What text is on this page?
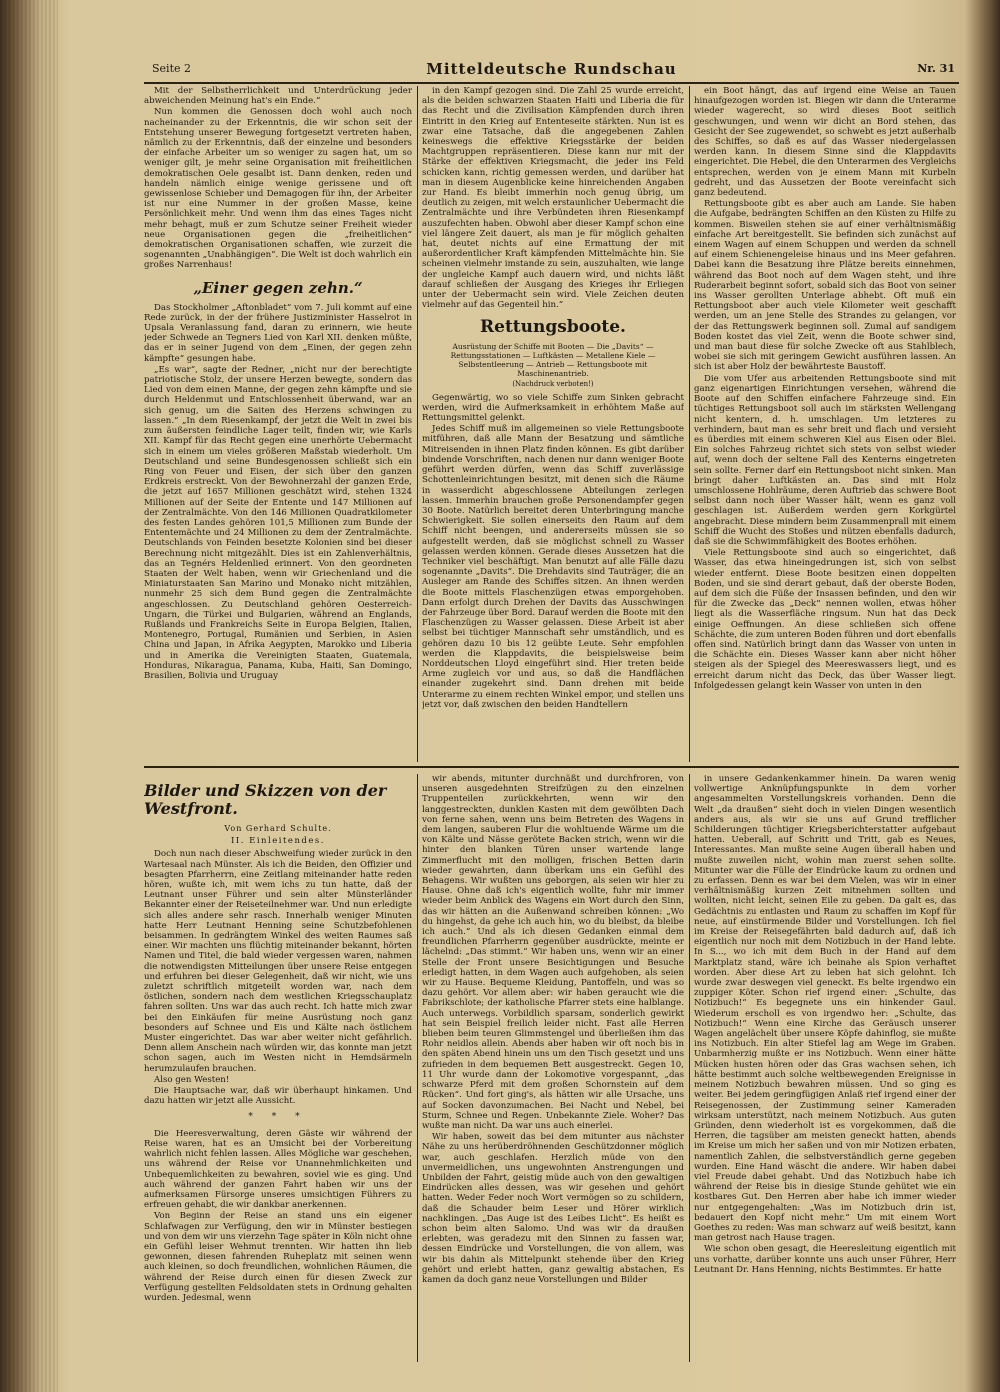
Seite 2	Mitteldeutsche Rundschau	Nr. 31

Mit der Selbstherrlichkeit und Unterdrückung jeder abweichenden Meinung hat's ein Ende.“

Nun kommen die Genossen doch wohl auch noch nacheinander zu der Erkenntnis, die wir schon seit der Entstehung unserer Bewegung fortgesetzt vertreten haben, nämlich zu der Erkenntnis, daß der einzelne und besonders der einfache Arbeiter um so weniger zu sagen hat, um so weniger gilt, je mehr seine Organisation mit freiheitlichen demokratischen Oele gesalbt ist. Dann denken, reden und handeln nämlich einige wenige gerissene und oft gewissenlose Schieber und Demagogen für ihn, der Arbeiter ist nur eine Nummer in der großen Masse, keine Persönlichkeit mehr. Und wenn ihm das eines Tages nicht mehr behagt, muß er zum Schutze seiner Freiheit wieder neue Organisationen gegen die „freiheitlichen“ demokratischen Organisationen schaffen, wie zurzeit die sogenannten „Unabhängigen“. Die Welt ist doch wahrlich ein großes Narrenhaus!

„Einer gegen zehn.“

Das Stockholmer „Aftonbladet“ vom 7. Juli kommt auf eine Rede zurück, in der der frühere Justizminister Hasselrot in Upsala Veranlassung fand, daran zu erinnern, wie heute jeder Schwede an Tegners Lied von Karl XII. denken müßte, das er in seiner Jugend von dem „Einen, der gegen zehn kämpfte“ gesungen habe.

„Es war“, sagte der Redner, „nicht nur der berechtigte patriotische Stolz, der unsere Herzen bewegte, sondern das Lied von dem einen Manne, der gegen zehn kämpfte und sie durch Heldenmut und Entschlossenheit überwand, war an sich genug, um die Saiten des Herzens schwingen zu lassen.“ „In dem Riesenkampf, der jetzt die Welt in zwei bis zum äußersten feindliche Lager teilt, finden wir, wie Karls XII. Kampf für das Recht gegen eine unerhörte Uebermacht sich in einem um vieles größeren Maßstab wiederholt. Um Deutschland und seine Bundesgenossen schließt sich ein Ring von Feuer und Eisen, der sich über den ganzen Erdkreis erstreckt. Von der Bewohnerzahl der ganzen Erde, die jetzt auf 1657 Millionen geschätzt wird, stehen 1324 Millionen auf der Seite der Entente und 147 Millionen auf der Zentralmächte. Von den 146 Millionen Quadratkilometer des festen Landes gehören 101,5 Millionen zum Bunde der Ententemächte und 24 Millionen zu dem der Zentralmächte. Deutschlands von Feinden besetzte Kolonien sind bei dieser Berechnung nicht mitgezählt. Dies ist ein Zahlenverhältnis, das an Tegnérs Heldenlied erinnert. Von den geordneten Staaten der Welt haben, wenn wir Griechenland und die Miniaturstaaten San Marino und Monako nicht mitzählen, nunmehr 25 sich dem Bund gegen die Zentralmächte angeschlossen. Zu Deutschland gehören Oesterreich-Ungarn, die Türkei und Bulgarien, während an Englands, Rußlands und Frankreichs Seite in Europa Belgien, Italien, Montenegro, Portugal, Rumänien und Serbien, in Asien China und Japan, in Afrika Aegypten, Marokko und Liberia und in Amerika die Vereinigten Staaten, Guatemala, Honduras, Nikaragua, Panama, Kuba, Haiti, San Domingo, Brasilien, Bolivia und Uruguay

in den Kampf gezogen sind. Die Zahl 25 wurde erreicht, als die beiden schwarzen Staaten Haiti und Liberia die für das Recht und die Zivilisation Kämpfenden durch ihren Eintritt in den Krieg auf Ententeseite stärkten. Nun ist es zwar eine Tatsache, daß die angegebenen Zahlen keineswegs die effektive Kriegsstärke der beiden Machtgruppen repräsentieren. Diese kann nur mit der Stärke der effektiven Kriegsmacht, die jeder ins Feld schicken kann, richtig gemessen werden, und darüber hat man in diesem Augenblicke keine hinreichenden Angaben zur Hand. Es bleibt immerhin noch genug übrig, um deutlich zu zeigen, mit welch erstaunlicher Uebermacht die Zentralmächte und ihre Verbündeten ihren Riesenkampf auszufechten haben. Obwohl aber dieser Kampf schon eine viel längere Zeit dauert, als man je für möglich gehalten hat, deutet nichts auf eine Ermattung der mit außerordentlicher Kraft kämpfenden Mittelmächte hin. Sie scheinen vielmehr imstande zu sein, auszuhalten, wie lange der ungleiche Kampf auch dauern wird, und nichts läßt darauf schließen der Ausgang des Krieges ihr Erliegen unter der Uebermacht sein wird. Viele Zeichen deuten vielmehr auf das Gegenteil hin.“

Rettungsboote.

Ausrüstung der Schiffe mit Booten — Die „Davits“ — Rettungsstationen — Luftkästen — Metallene Kiele — Selbstentleerung — Antrieb — Rettungsboote mit Maschinenantrieb.

(Nachdruck verboten!)

Gegenwärtig, wo so viele Schiffe zum Sinken gebracht werden, wird die Aufmerksamkeit in erhöhtem Maße auf Rettungsmittel gelenkt.

Jedes Schiff muß im allgemeinen so viele Rettungsboote mitführen, daß alle Mann der Besatzung und sämtliche Mitreisenden in ihnen Platz finden können. Es gibt darüber bindende Vorschriften, nach denen nur dann weniger Boote geführt werden dürfen, wenn das Schiff zuverlässige Schottenleinrichtungen besitzt, mit denen sich die Räume in wasserdicht abgeschlossene Abteilungen zerlegen lassen. Immerhin brauchen große Personendampfer gegen 30 Boote. Natürlich bereitet deren Unterbringung manche Schwierigkeit. Sie sollen einerseits den Raum auf dem Schiff nicht beengen, und andererseits müssen sie so aufgestellt werden, daß sie möglichst schnell zu Wasser gelassen werden können. Gerade dieses Aussetzen hat die Techniker viel beschäftigt. Man benutzt auf alle Fälle dazu sogenannte „Davits“. Die Drehdavits sind Tauträger, die an Ausleger am Rande des Schiffes sitzen. An ihnen werden die Boote mittels Flaschenzügen etwas emporgehoben. Dann erfolgt durch Drehen der Davits das Ausschwingen der Fahrzeuge über Bord. Darauf werden die Boote mit den Flaschenzügen zu Wasser gelassen. Diese Arbeit ist aber selbst bei tüchtiger Mannschaft sehr umständlich, und es gehören dazu 10 bis 12 geübte Leute. Sehr empfohlen werden die Klappdavits, die beispielsweise beim Norddeutschen Lloyd eingeführt sind. Hier treten beide Arme zugleich vor und aus, so daß die Handflächen einander zugekehrt sind. Dann drehen mit beide Unterarme zu einem rechten Winkel empor, und stellen uns jetzt vor, daß zwischen den beiden Handtellern

ein Boot hängt, das auf irgend eine Weise an Tauen hinaufgezogen worden ist. Biegen wir dann die Unterarme wieder wagerecht, so wird dieses Boot seitlich geschwungen, und wenn wir dicht an Bord stehen, das Gesicht der See zugewendet, so schwebt es jetzt außerhalb des Schiffes, so daß es auf das Wasser niedergelassen werden kann. In diesem Sinne sind die Klappdavits eingerichtet. Die Hebel, die den Unterarmen des Vergleichs entsprechen, werden von je einem Mann mit Kurbeln gedreht, und das Aussetzen der Boote vereinfacht sich ganz bedeutend.

Rettungsboote gibt es aber auch am Lande. Sie haben die Aufgabe, bedrängten Schiffen an den Küsten zu Hilfe zu kommen. Bisweilen stehen sie auf einer verhältnismäßig einfache Art bereitgestellt. Sie befinden sich zunächst auf einem Wagen auf einem Schuppen und werden da schnell auf einem Schienengeleise hinaus und ins Meer gefahren. Dabei kann die Besatzung ihre Plätze bereits einnehmen, während das Boot noch auf dem Wagen steht, und ihre Ruderarbeit beginnt sofort, sobald sich das Boot von seiner ins Wasser gerollten Unterlage abhebt. Oft muß ein Rettungsboot aber auch viele Kilometer weit geschafft werden, um an jene Stelle des Strandes zu gelangen, vor der das Rettungswerk beginnen soll. Zumal auf sandigem Boden kostet das viel Zeit, wenn die Boote schwer sind, und man baut diese für solche Zwecke oft aus Stahlblech, wobei sie sich mit geringem Gewicht ausführen lassen. An sich ist aber Holz der bewährteste Baustoff.

Die vom Ufer aus arbeitenden Rettungsboote sind mit ganz eigenartigen Einrichtungen versehen, während die Boote auf den Schiffen einfachere Fahrzeuge sind. Ein tüchtiges Rettungsboot soll auch im stärksten Wellengang nicht kentern, d. h. umschlagen. Um letzteres zu verhindern, baut man es sehr breit und flach und versieht es überdies mit einem schweren Kiel aus Eisen oder Blei. Ein solches Fahrzeug richtet sich stets von selbst wieder auf, wenn doch der seltene Fall des Kenterns eingetreten sein sollte. Ferner darf ein Rettungsboot nicht sinken. Man bringt daher Luftkästen an. Das sind mit Holz umschlossene Hohlräume, deren Auftrieb das schwere Boot selbst dann noch über Wasser hält, wenn es ganz voll geschlagen ist. Außerdem werden gern Korkgürtel angebracht. Diese mindern beim Zusammenprall mit einem Schiff die Wucht des Stoßes und nützen ebenfalls dadurch, daß sie die Schwimmfähigkeit des Bootes erhöhen.

Viele Rettungsboote sind auch so eingerichtet, daß Wasser, das etwa hineingedrungen ist, sich von selbst wieder entfernt. Diese Boote besitzen einen doppelten Boden, und sie sind derart gebaut, daß der oberste Boden, auf dem sich die Füße der Insassen befinden, und den wir für die Zwecke das „Deck“ nennen wollen, etwas höher liegt als die Wasserfläche ringsum. Nun hat das Deck einige Oeffnungen. An diese schließen sich offene Schächte, die zum unteren Boden führen und dort ebenfalls offen sind. Natürlich bringt dann das Wasser von unten in die Schächte ein. Dieses Wasser kann aber nicht höher steigen als der Spiegel des Meereswassers liegt, und es erreicht darum nicht das Deck, das über Wasser liegt. Infolgedessen gelangt kein Wasser von unten in den

Bilder und Skizzen von der Westfront.
Von Gerhard Schulte.
II. Einleitendes.

Doch nun nach dieser Abschweifung wieder zurück in den Wartesaal nach Münster. Als ich die Beiden, den Offizier und besagten Pfarrherrn, eine Zeitlang miteinander hatte reden hören, wußte ich, mit wem ichs zu tun hatte, daß der Leutnant unser Führer und sein alter Münsterländer Bekannter einer der Reiseteilnehmer war. Und nun erledigte sich alles andere sehr rasch. Innerhalb weniger Minuten hatte Herr Leutnant Henning seine Schutzbefohlenen beisammen. In gedrängtem Winkel des weiten Raumes saß einer. Wir machten uns flüchtig miteinander bekannt, hörten Namen und Titel, die bald wieder vergessen waren, nahmen die notwendigsten Mitteilungen über unsere Reise entgegen und erfuhren bei dieser Gelegenheit, daß wir nicht, wie uns zuletzt schriftlich mitgeteilt worden war, nach dem östlichen, sondern nach dem westlichen Kriegsschauplatz fahren sollten. Uns war das auch recht. Ich hatte mich zwar bei den Einkäufen für meine Ausrüstung noch ganz besonders auf Schnee und Eis und Kälte nach östlichem Muster eingerichtet. Das war aber weiter nicht gefährlich. Denn allem Anschein nach würden wir, das konnte man jetzt schon sagen, auch im Westen nicht in Hemdsärmeln herumzulaufen brauchen.

Also gen Westen!

Die Hauptsache war, daß wir überhaupt hinkamen. Und dazu hatten wir jetzt alle Aussicht.

* * *

Die Heeresverwaltung, deren Gäste wir während der Reise waren, hat es an Umsicht bei der Vorbereitung wahrlich nicht fehlen lassen. Alles Mögliche war geschehen, uns während der Reise vor Unannehmlichkeiten und Unbequemlichkeiten zu bewahren, soviel wie es ging. Und auch während der ganzen Fahrt haben wir uns der aufmerksamen Fürsorge unseres umsichtigen Führers zu erfreuen gehabt, die wir dankbar anerkennen.

Von Beginn der Reise an stand uns ein eigener Schlafwagen zur Verfügung, den wir in Münster bestiegen und von dem wir uns vierzehn Tage später in Köln nicht ohne ein Gefühl leiser Wehmut trennten. Wir hatten ihn lieb gewonnen, diesen fahrenden Ruheplatz mit seinen wenn auch kleinen, so doch freundlichen, wohnlichen Räumen, die während der Reise durch einen für diesen Zweck zur Verfügung gestellten Feldsoldaten stets in Ordnung gehalten wurden. Jedesmal, wenn

wir abends, mitunter durchnäßt und durchfroren, von unseren ausgedehnten Streifzügen zu den einzelnen Truppenteilen zurückkehrten, wenn wir den langgestreckten, dunklen Kasten mit dem gewölbten Dach von ferne sahen, wenn uns beim Betreten des Wagens in dem langen, sauberen Flur die wohltuende Wärme um die von Kälte und Nässe gerötete Backen strich, wenn wir die hinter den blanken Türen unser wartende lange Zimmerflucht mit den molligen, frischen Betten darin wieder gewahrten, dann überkam uns ein Gefühl des Behagens. Wir wußten uns geborgen, als seien wir hier zu Hause. Ohne daß ich's eigentlich wollte, fuhr mir immer wieder beim Anblick des Wagens ein Wort durch den Sinn, das wir hätten an die Außenwand schreiben können: „Wo du hingehst, da gehe ich auch hin, wo du bleibst, da bleibe ich auch.“ Und als ich diesen Gedanken einmal dem freundlichen Pfarrherrn gegenüber ausdrückte, meinte er lächelnd: „Das stimmt.“ Wir haben uns, wenn wir an einer Stelle der Front unsere Besichtigungen und Besuche erledigt hatten, in dem Wagen auch aufgehoben, als seien wir zu Hause. Bequeme Kleidung, Pantoffeln, und was so dazu gehört. Vor allem aber: wir haben geraucht wie die Fabrikschlote; der katholische Pfarrer stets eine halblange. Auch unterwegs. Vorbildlich sparsam, sonderlich gewirkt hat sein Beispiel freilich leider nicht. Fast alle Herren blieben beim teuren Glimmstengel und überließen ihm das Rohr neidlos allein. Abends aber haben wir oft noch bis in den späten Abend hinein uns um den Tisch gesetzt und uns zufrieden in dem bequemen Bett ausgestreckt. Gegen 10, 11 Uhr wurde dann der Lokomotive vorgespannt, „das schwarze Pferd mit dem großen Schornstein auf dem Rücken“. Und fort ging's, als hätten wir alle Ursache, uns auf Socken davonzumachen. Bei Nacht und Nebel, bei Sturm, Schnee und Regen. Unbekannte Ziele. Woher? Das wußte man nicht. Da war uns auch einerlei.

Wir haben, soweit das bei dem mitunter aus nächster Nähe zu uns herüberdröhnenden Geschützdonner möglich war, auch geschlafen. Herzlich müde von den unvermeidlichen, uns ungewohnten Anstrengungen und Unbilden der Fahrt, geistig müde auch von den gewaltigen Eindrücken alles dessen, was wir gesehen und gehört hatten. Weder Feder noch Wort vermögen so zu schildern, daß die Schauder beim Leser und Hörer wirklich nachklingen. „Das Auge ist des Leibes Licht“. Es heißt es schon beim alten Salomo. Und was wir da draußen erlebten, was geradezu mit den Sinnen zu fassen war, dessen Eindrücke und Vorstellungen, die von allem, was wir bis dahin als Mittelpunkt stehende über den Krieg gehört und erlebt hatten, ganz gewaltig abstachen, Es kamen da doch ganz neue Vorstellungen und Bilder

in unsere Gedankenkammer hinein. Da waren wenig vollwertige Anknüpfungspunkte in dem vorher angesammelten Vorstellungskreis vorhanden. Denn die Welt „da draußen“ sieht doch in vielen Dingen wesentlich anders aus, als wir sie uns auf Grund trefflicher Schilderungen tüchtiger Kriegsberichterstatter aufgebaut hatten. Ueberall, auf Schritt und Tritt, gab es Neues, Interessantes. Man mußte seine Augen überall haben und mußte zuweilen nicht, wohin man zuerst sehen sollte. Mitunter war die Fülle der Eindrücke kaum zu ordnen und zu erfassen. Denn es war bei dem Vielen, was wir in einer verhältnismäßig kurzen Zeit mitnehmen sollten und wollten, nicht leicht, seinen Eile zu geben. Da galt es, das Gedächtnis zu entlasten und Raum zu schaffen im Kopf für neue, auf einstürmende Bilder und Vorstellungen. Ich fiel im Kreise der Reisegefährten bald dadurch auf, daß ich eigentlich nur noch mit dem Notizbuch in der Hand lebte. In S..., wo ich mit dem Buch in der Hand auf dem Marktplatz stand, wäre ich beinahe als Spion verhaftet worden. Aber diese Art zu leben hat sich gelohnt. Ich wurde zwar deswegen viel geneckt. Es belte irgendwo ein zuppiger Köter. Schon rief irgend einer: „Schulte, das Notizbuch!“ Es begegnete uns ein hinkender Gaul. Wiederum erscholl es von irgendwo her: „Schulte, das Notizbuch!“ Wenn eine Kirche das Geräusch unserer Wagen angelächelt über unsere Köpfe dahinflog, sie mußte ins Notizbuch. Ein alter Stiefel lag am Wege im Graben. Unbarmherzig mußte er ins Notizbuch. Wenn einer hätte Mücken husten hören oder das Gras wachsen sehen, ich hätte bestimmt auch solche weltbewegenden Ereignisse in meinem Notizbuch bewahren müssen. Und so ging es weiter. Bei jedem geringfügigen Anlaß rief irgend einer der Reisegenossen, der Zustimmung seiner Kameraden wirksam unterstützt, nach meinem Notizbuch. Aus guten Gründen, denn wiederholt ist es vorgekommen, daß die Herren, die tagsüber am meisten geneckt hatten, abends im Kreise um mich her saßen und von mir Notizen erbaten, namentlich Zahlen, die selbstverständlich gerne gegeben wurden. Eine Hand wäscht die andere. Wir haben dabei viel Freude dabei gehabt. Und das Notizbuch habe ich während der Reise bis in diesige Stunde gehütet wie ein kostbares Gut. Den Herren aber habe ich immer wieder nur entgegengehalten: „Was im Notizbuch drin ist, bedauert den Kopf nicht mehr.“ Um mit einem Wort Goethes zu reden: Was man schwarz auf weiß besitzt, kann man getrost nach Hause tragen.

Wie schon oben gesagt, die Heeresleitung eigentlich mit uns vorhatte, darüber konnte uns auch unser Führer, Herr Leutnant Dr. Hans Henning, nichts Bestimmtes. Er hatte
